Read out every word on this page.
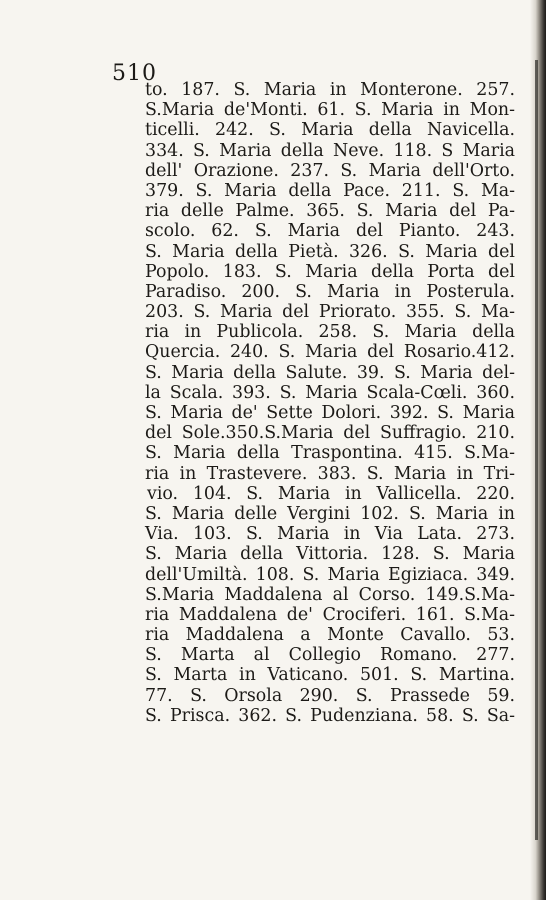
510
to. 187. S. Maria in Monterone. 257.
S.Maria de'Monti. 61. S. Maria in Mon-
ticelli. 242. S. Maria della Navicella.
334. S. Maria della Neve. 118. S Maria
dell' Orazione. 237. S. Maria dell'Orto.
379. S. Maria della Pace. 211. S. Ma-
ria delle Palme. 365. S. Maria del Pa-
scolo. 62. S. Maria del Pianto. 243.
S. Maria della Pietà. 326. S. Maria del
Popolo. 183. S. Maria della Porta del
Paradiso. 200. S. Maria in Posterula.
203. S. Maria del Priorato. 355. S. Ma-
ria in Publicola. 258. S. Maria della
Quercia. 240. S. Maria del Rosario.412.
S. Maria della Salute. 39. S. Maria del-
la Scala. 393. S. Maria Scala-Cœli. 360.
S. Maria de' Sette Dolori. 392. S. Maria
del Sole.350.S.Maria del Suffragio. 210.
S. Maria della Traspontina. 415. S.Ma-
ria in Trastevere. 383. S. Maria in Tri-
vio. 104. S. Maria in Vallicella. 220.
S. Maria delle Vergini 102. S. Maria in
Via. 103. S. Maria in Via Lata. 273.
S. Maria della Vittoria. 128. S. Maria
dell'Umiltà. 108. S. Maria Egiziaca. 349.
S.Maria Maddalena al Corso. 149.S.Ma-
ria Maddalena de' Crociferi. 161. S.Ma-
ria Maddalena a Monte Cavallo. 53.
S. Marta al Collegio Romano. 277.
S. Marta in Vaticano. 501. S. Martina.
77. S. Orsola 290. S. Prassede 59.
S. Prisca. 362. S. Pudenziana. 58. S. Sa-
